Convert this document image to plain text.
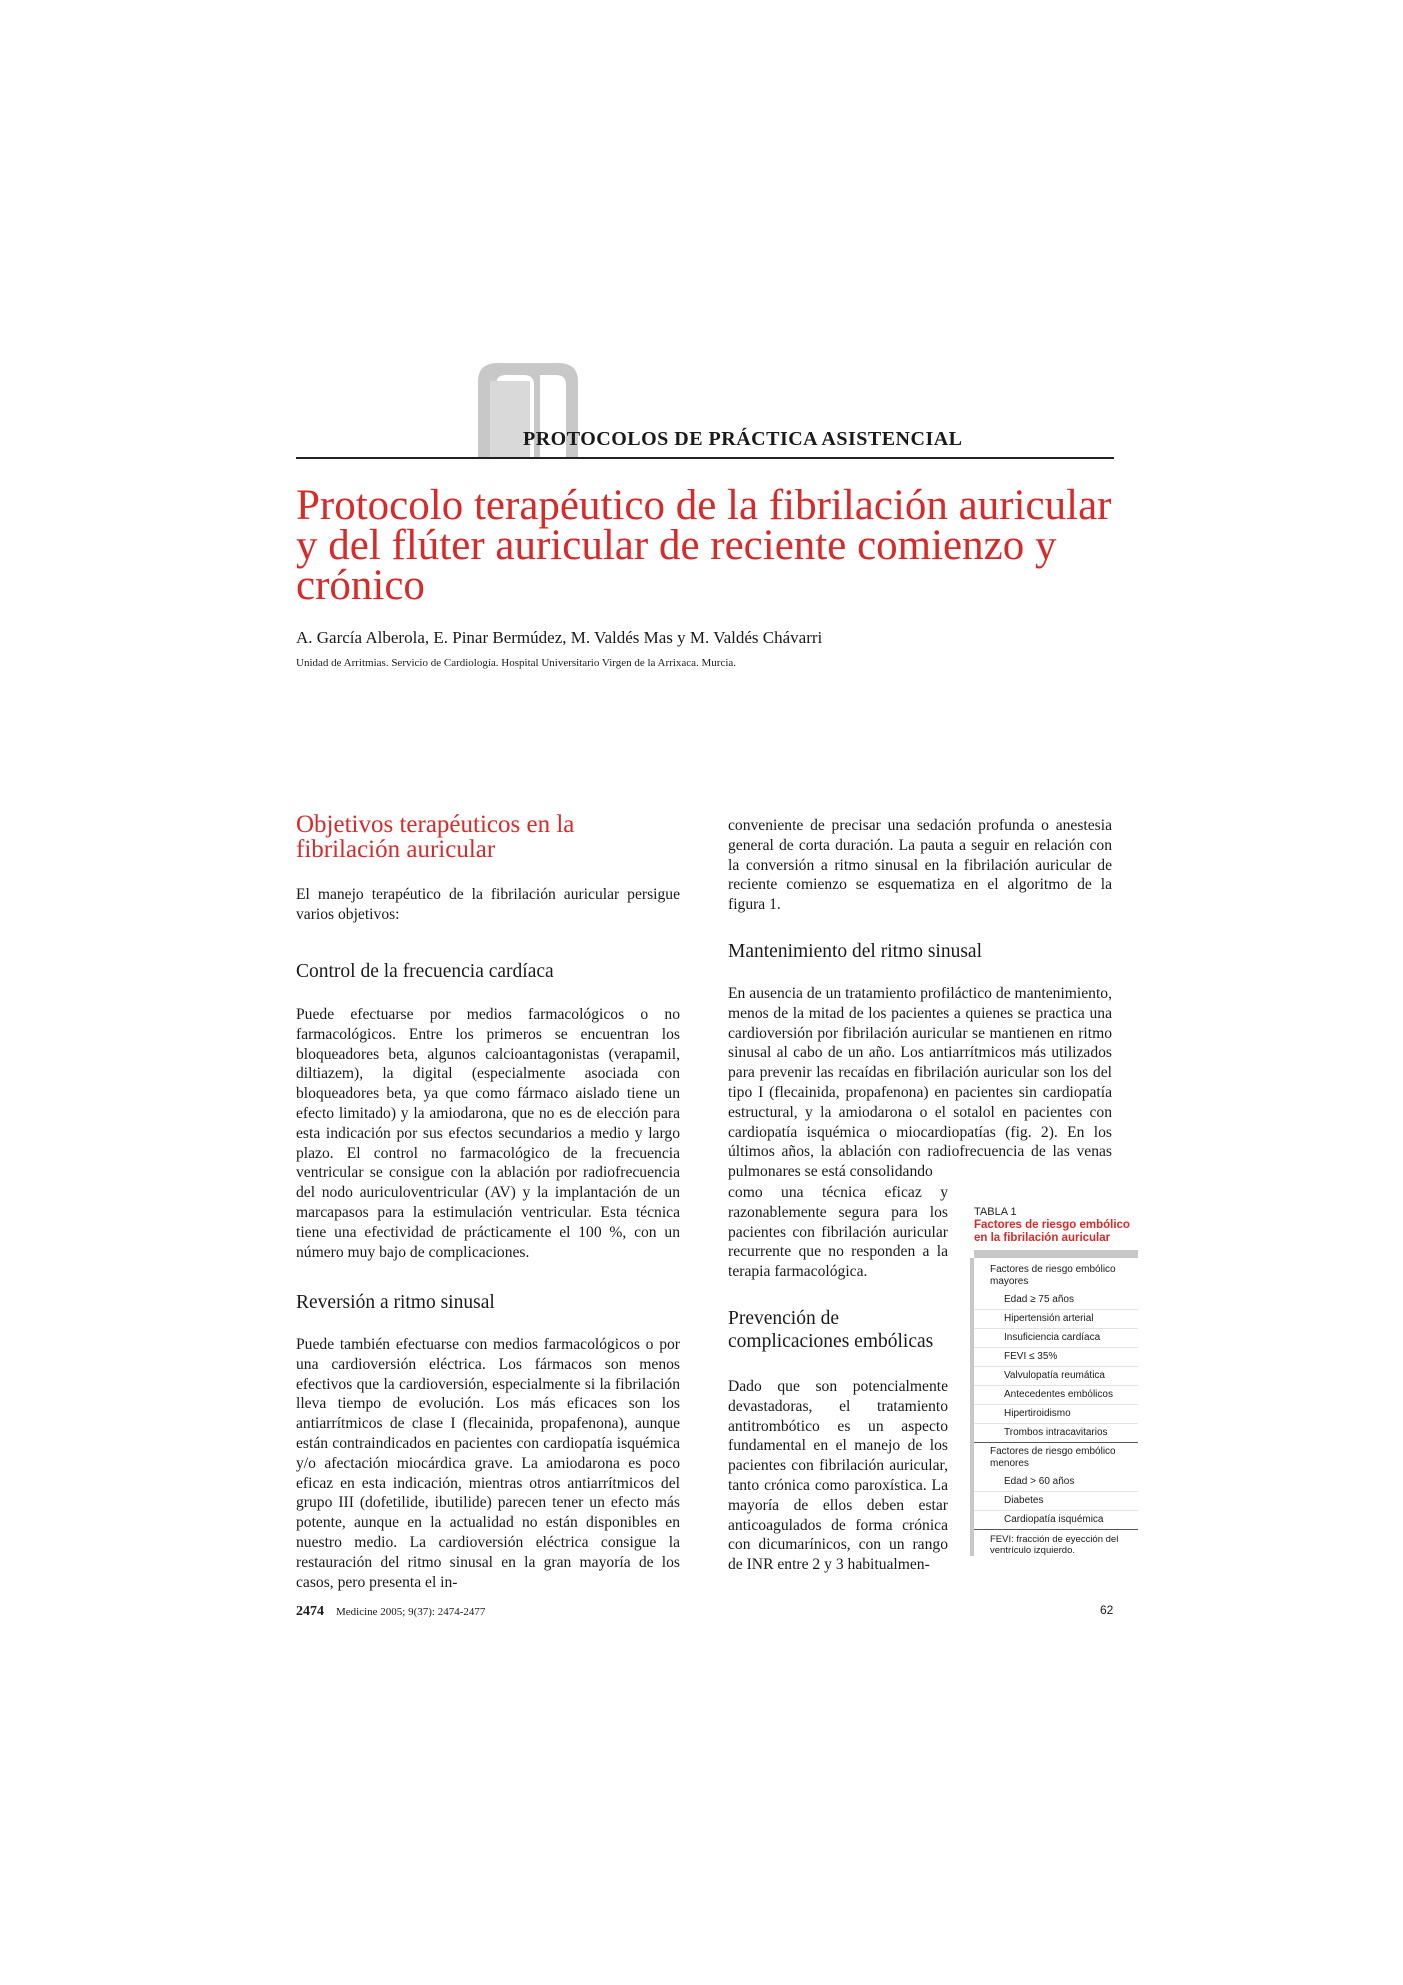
PROTOCOLOS DE PRÁCTICA ASISTENCIAL
Protocolo terapéutico de la fibrilación auricular y del flúter auricular de reciente comienzo y crónico
A. García Alberola, E. Pinar Bermúdez, M. Valdés Mas y M. Valdés Chávarri
Unidad de Arritmias. Servicio de Cardiología. Hospital Universitario Virgen de la Arrixaca. Murcia.
Objetivos terapéuticos en la fibrilación auricular

El manejo terapéutico de la fibrilación auricular persigue varios objetivos:

Control de la frecuencia cardíaca

Puede efectuarse por medios farmacológicos o no farmacológicos. Entre los primeros se encuentran los bloqueadores beta, algunos calcioantagonistas (verapamil, diltiazem), la digital (especialmente asociada con bloqueadores beta, ya que como fármaco aislado tiene un efecto limitado) y la amiodarona, que no es de elección para esta indicación por sus efectos secundarios a medio y largo plazo. El control no farmacológico de la frecuencia ventricular se consigue con la ablación por radiofrecuencia del nodo auriculoventricular (AV) y la implantación de un marcapasos para la estimulación ventricular. Esta técnica tiene una efectividad de prácticamente el 100 %, con un número muy bajo de complicaciones.

Reversión a ritmo sinusal

Puede también efectuarse con medios farmacológicos o por una cardioversión eléctrica. Los fármacos son menos efectivos que la cardioversión, especialmente si la fibrilación lleva tiempo de evolución. Los más eficaces son los antiarrítmicos de clase I (flecainida, propafenona), aunque están contraindicados en pacientes con cardiopatía isquémica y/o afectación miocárdica grave. La amiodarona es poco eficaz en esta indicación, mientras otros antiarrítmicos del grupo III (dofetilide, ibutilide) parecen tener un efecto más potente, aunque en la actualidad no están disponibles en nuestro medio. La cardioversión eléctrica consigue la restauración del ritmo sinusal en la gran mayoría de los casos, pero presenta el in-

conveniente de precisar una sedación profunda o anestesia general de corta duración. La pauta a seguir en relación con la conversión a ritmo sinusal en la fibrilación auricular de reciente comienzo se esquematiza en el algoritmo de la figura 1.

Mantenimiento del ritmo sinusal

En ausencia de un tratamiento profiláctico de mantenimiento, menos de la mitad de los pacientes a quienes se practica una cardioversión por fibrilación auricular se mantienen en ritmo sinusal al cabo de un año. Los antiarrítmicos más utilizados para prevenir las recaídas en fibrilación auricular son los del tipo I (flecainida, propafenona) en pacientes sin cardiopatía estructural, y la amiodarona o el sotalol en pacientes con cardiopatía isquémica o miocardiopatías (fig. 2). En los últimos años, la ablación con radiofrecuencia de las venas pulmonares se está consolidando

como una técnica eficaz y razonablemente segura para los pacientes con fibrilación auricular recurrente que no responden a la terapia farmacológica.

Prevención de complicaciones embólicas

Dado que son potencialmente devastadoras, el tratamiento antitrombótico es un aspecto fundamental en el manejo de los pacientes con fibrilación auricular, tanto crónica como paroxística. La mayoría de ellos deben estar anticoagulados de forma crónica con dicumarínicos, con un rango de INR entre 2 y 3 habitualmen-

TABLA 1

Factores de riesgo embólico en la fibrilación auricular

Factores de riesgo embólico mayores

Edad ≥ 75 años

Hipertensión arterial

Insuficiencia cardíaca

FEVI ≤ 35%

Valvulopatía reumática

Antecedentes embólicos

Hipertiroidismo

Trombos intracavitarios

Factores de riesgo embólico menores

Edad > 60 años

Diabetes

Cardiopatía isquémica

FEVI: fracción de eyección del ventrículo izquierdo.

2474 Medicine 2005; 9(37): 2474-2477	62
